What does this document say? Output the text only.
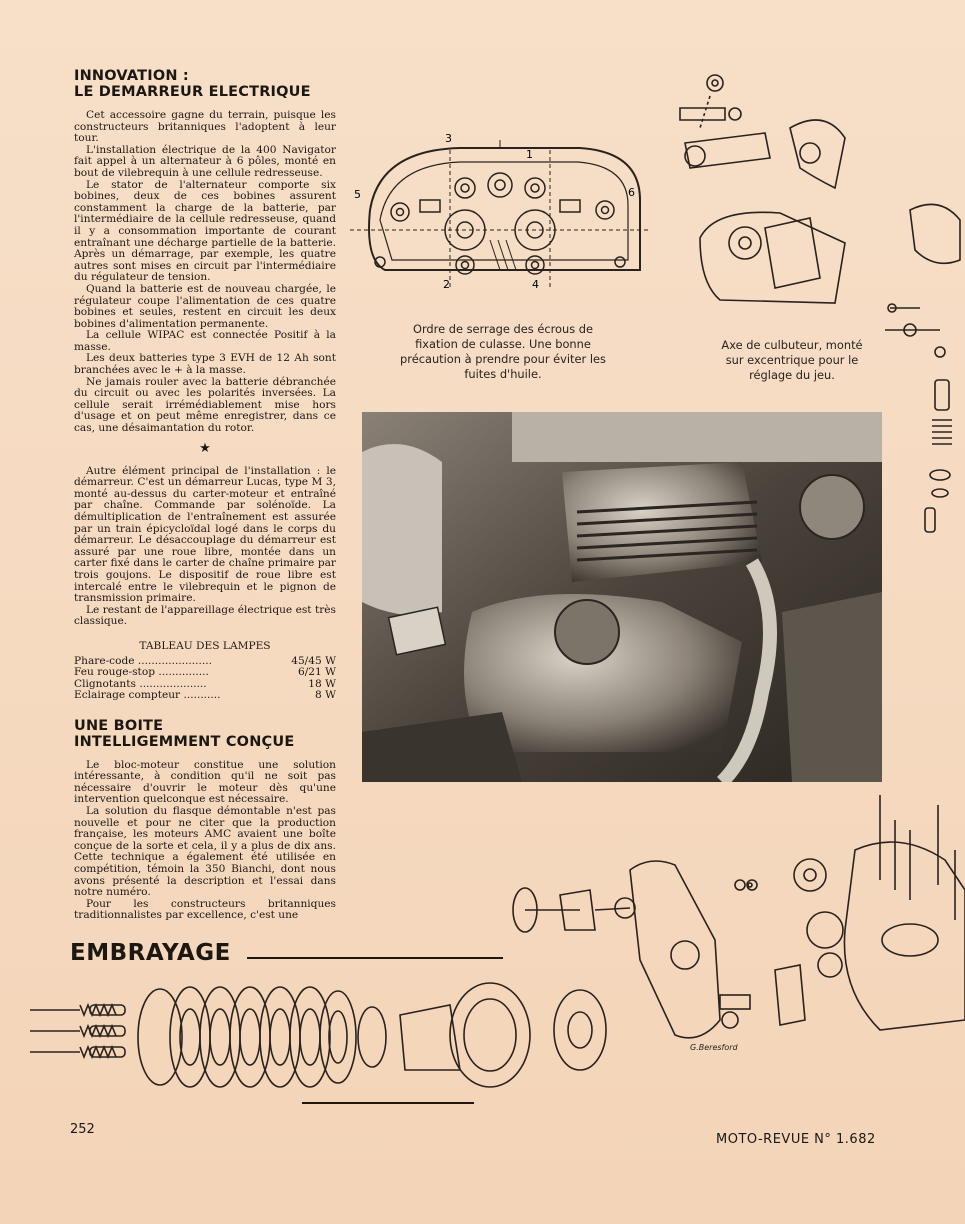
INNOVATION :
LE DEMARREUR ELECTRIQUE

Cet accessoire gagne du terrain, puisque les constructeurs britanniques l'adoptent à leur tour.

L'installation électrique de la 400 Navigator fait appel à un alternateur à 6 pôles, monté en bout de vilebrequin à une cellule redresseuse.

Le stator de l'alternateur comporte six bobines, deux de ces bobines assurent constamment la charge de la batterie, par l'intermédiaire de la cellule redresseuse, quand il y a consommation importante de courant entraînant une décharge partielle de la batterie. Après un démarrage, par exemple, les quatre autres sont mises en circuit par l'intermédiaire du régulateur de tension.

Quand la batterie est de nouveau chargée, le régulateur coupe l'alimentation de ces quatre bobines et seules, restent en circuit les deux bobines d'alimentation permanente.

La cellule WIPAC est connectée Positif à la masse.

Les deux batteries type 3 EVH de 12 Ah sont branchées avec le + à la masse.

Ne jamais rouler avec la batterie débranchée du circuit ou avec les polarités inversées. La cellule serait irrémédiablement mise hors d'usage et on peut même enregistrer, dans ce cas, une désaimantation du rotor.

★

Autre élément principal de l'installation : le démarreur. C'est un démarreur Lucas, type M 3, monté au-dessus du carter-moteur et entraîné par chaîne. Commande par solénoïde. La démultiplication de l'entraînement est assurée par un train épicycloïdal logé dans le corps du démarreur. Le désaccouplage du démarreur est assuré par une roue libre, montée dans un carter fixé dans le carter de chaîne primaire par trois goujons. Le dispositif de roue libre est intercalé entre le vilebrequin et le pignon de transmission primaire.

Le restant de l'appareillage électrique est très classique.

TABLEAU DES LAMPES
Phare-code ......................	45/45 W
Feu rouge-stop ...............	6/21 W
Clignotants ....................	18 W
Eclairage compteur ...........	8 W
UNE BOITE
INTELLIGEMMENT CONÇUE

Le bloc-moteur constitue une solution intéressante, à condition qu'il ne soit pas nécessaire d'ouvrir le moteur dès qu'une intervention quelconque est nécessaire.

La solution du flasque démontable n'est pas nouvelle et pour ne citer que la production française, les moteurs AMC avaient une boîte conçue de la sorte et cela, il y a plus de dix ans. Cette technique a également été utilisée en compétition, témoin la 350 Bianchi, dont nous avons présenté la description et l'essai dans notre numéro.

Pour les constructeurs britanniques traditionnalistes par excellence, c'est une

3
1
5	6
2	4
Ordre de serrage des écrous de fixation de culasse. Une bonne précaution à prendre pour éviter les fuites d'huile.
Axe de culbuteur, monté sur excentrique pour le réglage du jeu.
G.Beresford
EMBRAYAGE
252
MOTO-REVUE N° 1.682
